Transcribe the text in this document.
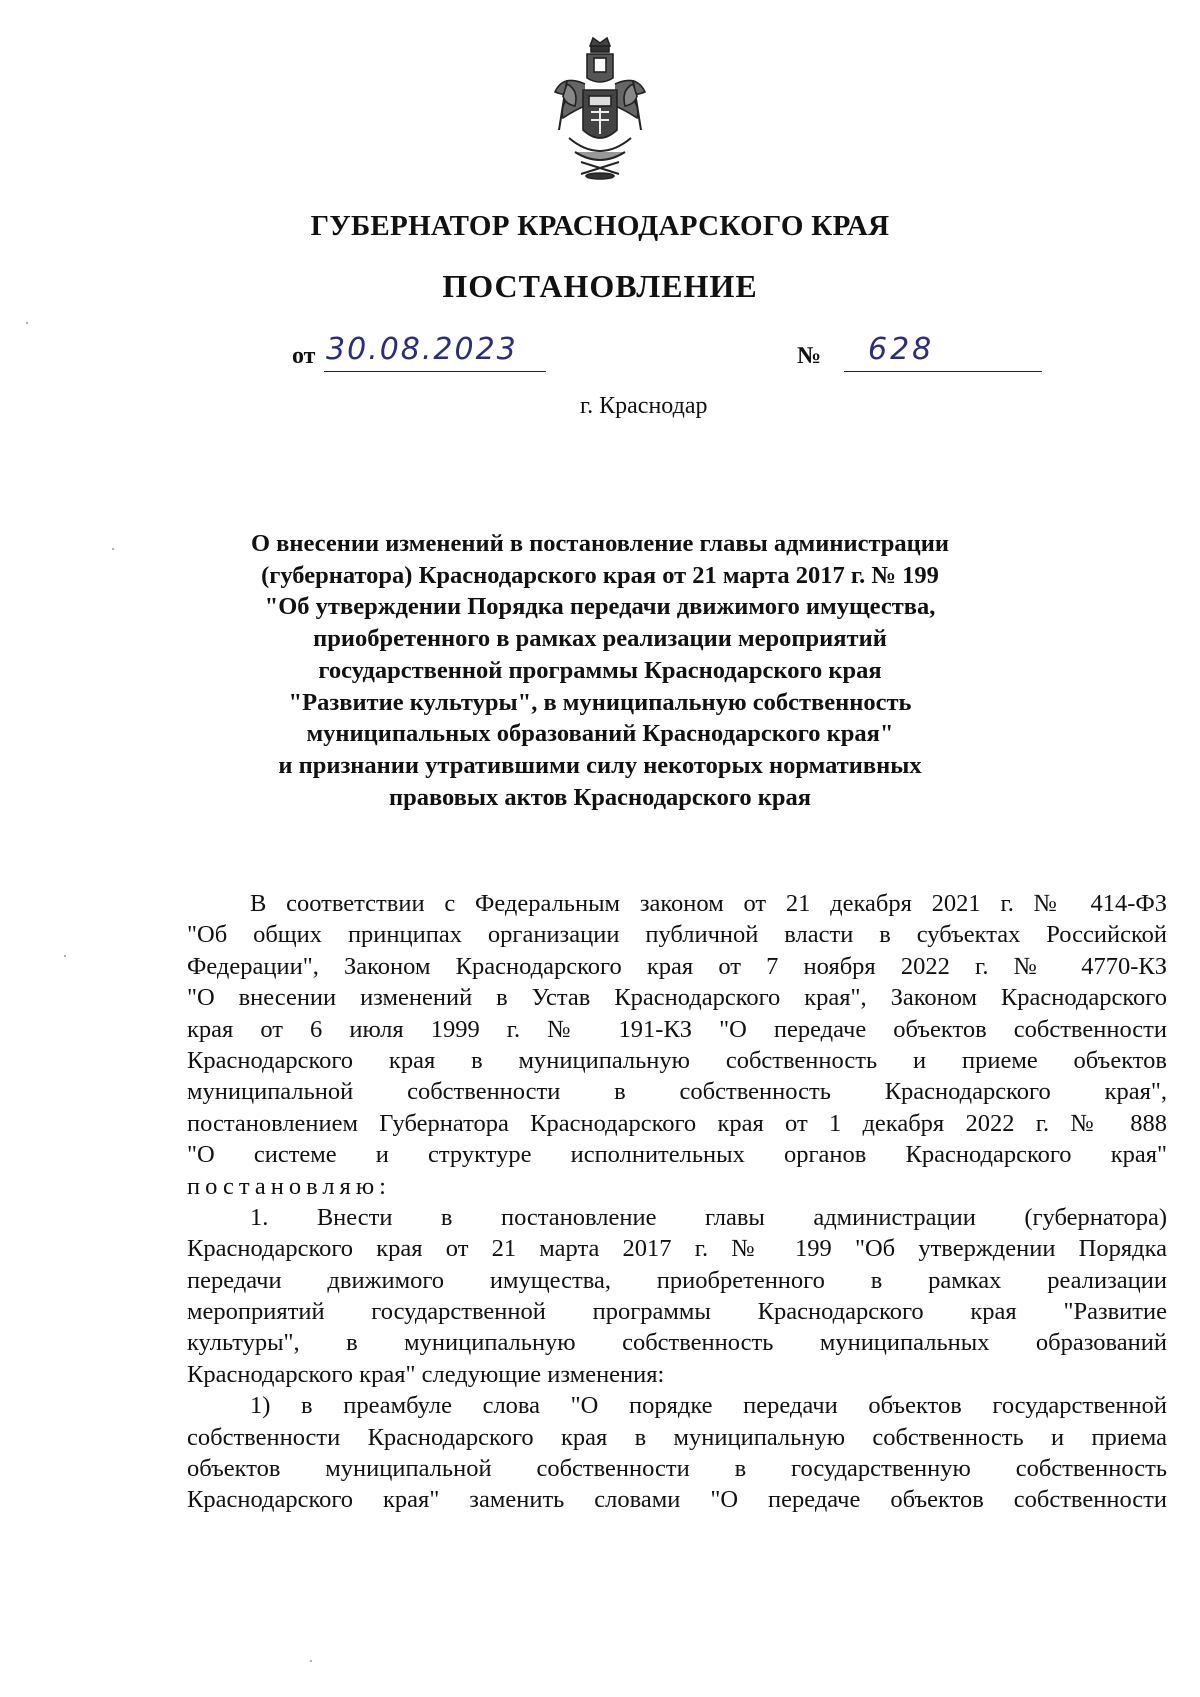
ГУБЕРНАТОР КРАСНОДАРСКОГО КРАЯ
ПОСТАНОВЛЕНИЕ
от 30.08.2023	№ 628
г. Краснодар
О внесении изменений в постановление главы администрации
(губернатора) Краснодарского края от 21 марта 2017 г. № 199
"Об утверждении Порядка передачи движимого имущества,
приобретенного в рамках реализации мероприятий
государственной программы Краснодарского края
"Развитие культуры", в муниципальную собственность
муниципальных образований Краснодарского края"
и признании утратившими силу некоторых нормативных
правовых актов Краснодарского края
В соответствии с Федеральным законом от 21 декабря 2021 г. № 414-ФЗ
"Об общих принципах организации публичной власти в субъектах Российской
Федерации", Законом Краснодарского края от 7 ноября 2022 г. № 4770-КЗ
"О внесении изменений в Устав Краснодарского края", Законом Краснодарского
края от 6 июля 1999 г. № 191-КЗ "О передаче объектов собственности
Краснодарского края в муниципальную собственность и приеме объектов
муниципальной собственности в собственность Краснодарского края",
постановлением Губернатора Краснодарского края от 1 декабря 2022 г. № 888
"О системе и структуре исполнительных органов Краснодарского края"
постановляю:
1. Внести в постановление главы администрации (губернатора)
Краснодарского края от 21 марта 2017 г. № 199 "Об утверждении Порядка
передачи движимого имущества, приобретенного в рамках реализации
мероприятий государственной программы Краснодарского края "Развитие
культуры", в муниципальную собственность муниципальных образований
Краснодарского края" следующие изменения:
1) в преамбуле слова "О порядке передачи объектов государственной
собственности Краснодарского края в муниципальную собственность и приема
объектов муниципальной собственности в государственную собственность
Краснодарского края" заменить словами "О передаче объектов собственности
